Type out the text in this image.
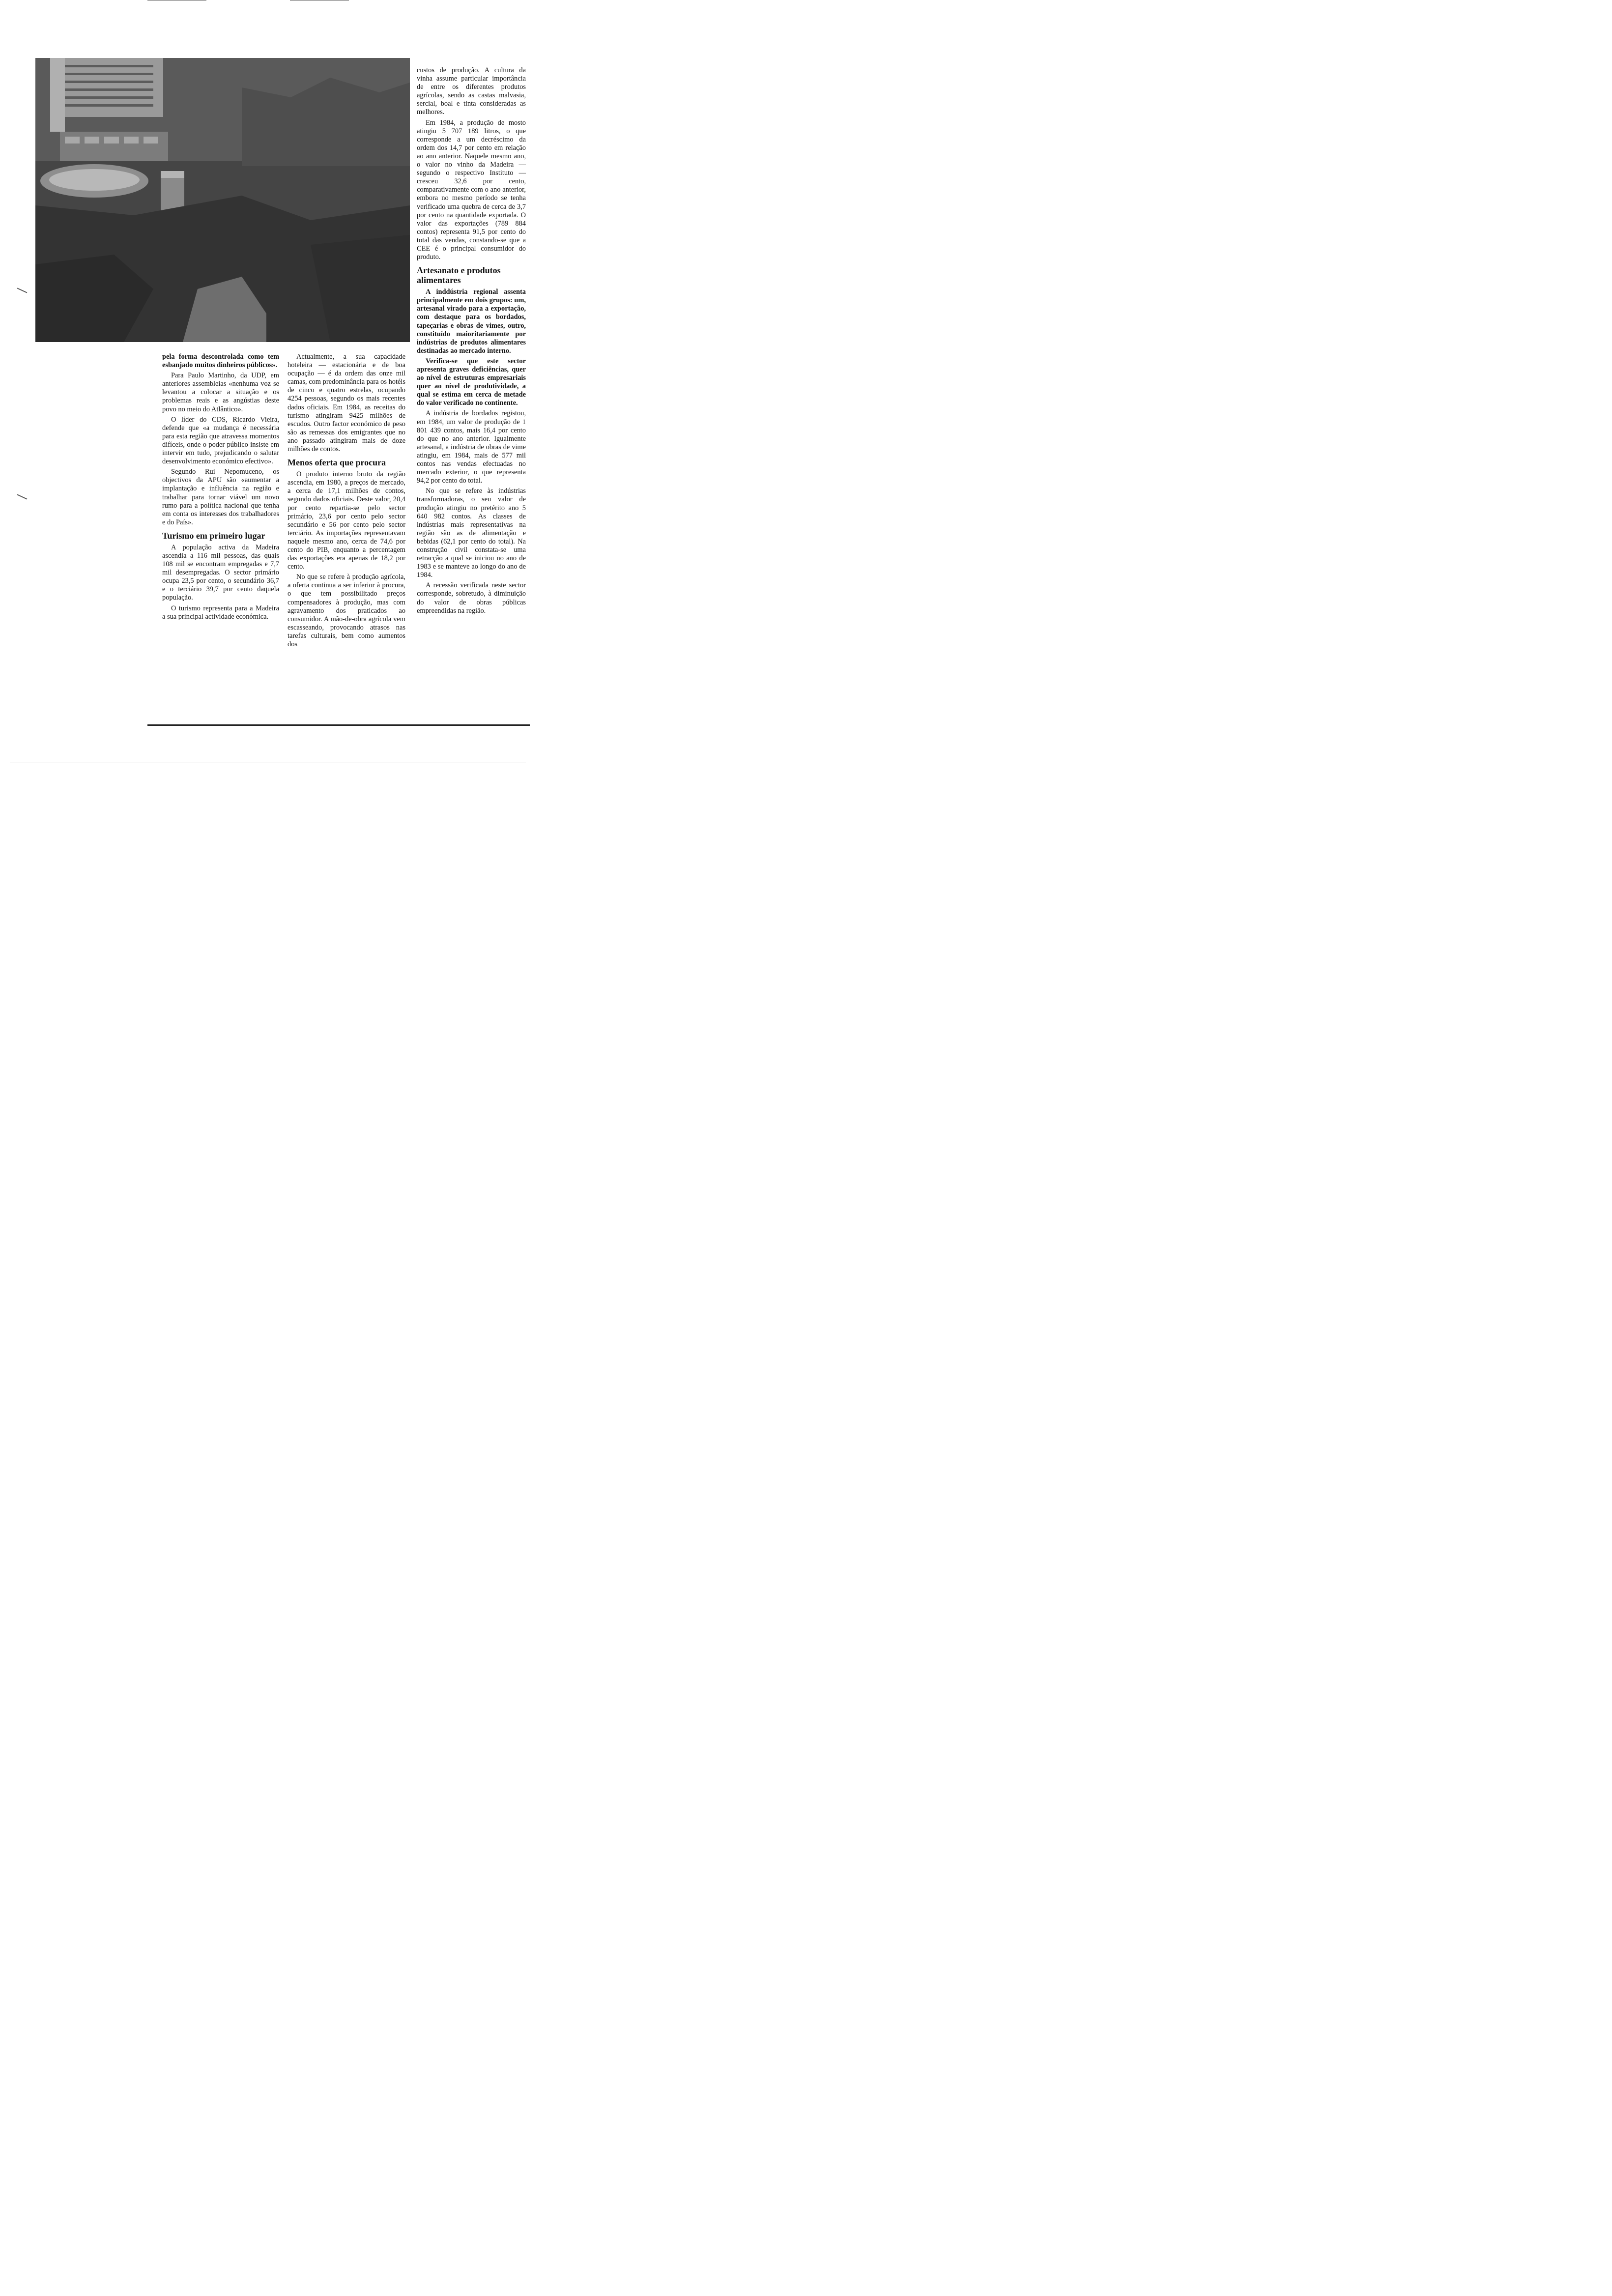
custos de produção. A cultura da vinha assume particular importância de entre os diferentes produtos agrícolas, sendo as castas malvasia, sercial, boal e tinta consideradas as melhores.

Em 1984, a produção de mosto atingiu 5 707 189 litros, o que corresponde a um decréscimo da ordem dos 14,7 por cento em relação ao ano anterior. Naquele mesmo ano, o valor no vinho da Madeira — segundo o respectivo Instituto — cresceu 32,6 por cento, comparativamente com o ano anterior, embora no mesmo período se tenha verificado uma quebra de cerca de 3,7 por cento na quantidade exportada. O valor das exportações (789 884 contos) representa 91,5 por cento do total das vendas, constando-se que a CEE é o principal consumidor do produto.

Artesanato e produtos alimentares

A inddústria regional assenta principalmente em dois grupos: um, artesanal virado para a exportação, com destaque para os bordados, tapeçarias e obras de vimes, outro, constituído maioritariamente por indústrias de produtos alimentares destinadas ao mercado interno.

Verifica-se que este sector apresenta graves deficiências, quer ao nível de estruturas empresariais quer ao nível de produtividade, a qual se estima em cerca de metade do valor verificado no continente.

A indústria de bordados registou, em 1984, um valor de produção de 1 801 439 contos, mais 16,4 por cento do que no ano anterior. Igualmente artesanal, a indústria de obras de vime atingiu, em 1984, mais de 577 mil contos nas vendas efectuadas no mercado exterior, o que representa 94,2 por cento do total.

No que se refere às indústrias transformadoras, o seu valor de produção atingiu no pretérito ano 5 640 982 contos. As classes de indústrias mais representativas na região são as de alimentação e bebidas (62,1 por cento do total). Na construção civil constata-se uma retracção a qual se iniciou no ano de 1983 e se manteve ao longo do ano de 1984.

A recessão verificada neste sector corresponde, sobretudo, à diminuição do valor de obras públicas empreendidas na região.

pela forma descontrolada como tem esbanjado muitos dinheiros públicos».

Para Paulo Martinho, da UDP, em anteriores assembleias «nenhuma voz se levantou a colocar a situação e os problemas reais e as angústias deste povo no meio do Atlântico».

O líder do CDS, Ricardo Vieira, defende que «a mudança é necessária para esta região que atravessa momentos difíceis, onde o poder público insiste em intervir em tudo, prejudicando o salutar desenvolvimento económico efectivo».

Segundo Rui Nepomuceno, os objectivos da APU são «aumentar a implantação e influência na região e trabalhar para tornar viável um novo rumo para a política nacional que tenha em conta os interesses dos trabalhadores e do País».

Turismo em primeiro lugar

A população activa da Madeira ascendia a 116 mil pessoas, das quais 108 mil se encontram empregadas e 7,7 mil desempregadas. O sector primário ocupa 23,5 por cento, o secundário 36,7 e o terciário 39,7 por cento daquela população.

O turismo representa para a Madeira a sua principal actividade económica.

Actualmente, a sua capacidade hoteleira — estacionária e de boa ocupação — é da ordem das onze mil camas, com predominância para os hotéis de cinco e quatro estrelas, ocupando 4254 pessoas, segundo os mais recentes dados oficiais. Em 1984, as receitas do turismo atingiram 9425 milhões de escudos. Outro factor económico de peso são as remessas dos emigrantes que no ano passado atingiram mais de doze milhões de contos.

Menos oferta que procura

O produto interno bruto da região ascendia, em 1980, a preços de mercado, a cerca de 17,1 milhões de contos, segundo dados oficiais. Deste valor, 20,4 por cento repartia-se pelo sector primário, 23,6 por cento pelo sector secundário e 56 por cento pelo sector terciário. As importações representavam naquele mesmo ano, cerca de 74,6 por cento do PIB, enquanto a percentagem das exportações era apenas de 18,2 por cento.

No que se refere à produção agrícola, a oferta continua a ser inferior à procura, o que tem possibilitado preços compensadores à produção, mas com agravamento dos praticados ao consumidor. A mão-de-obra agrícola vem escasseando, provocando atrasos nas tarefas culturais, bem como aumentos dos
